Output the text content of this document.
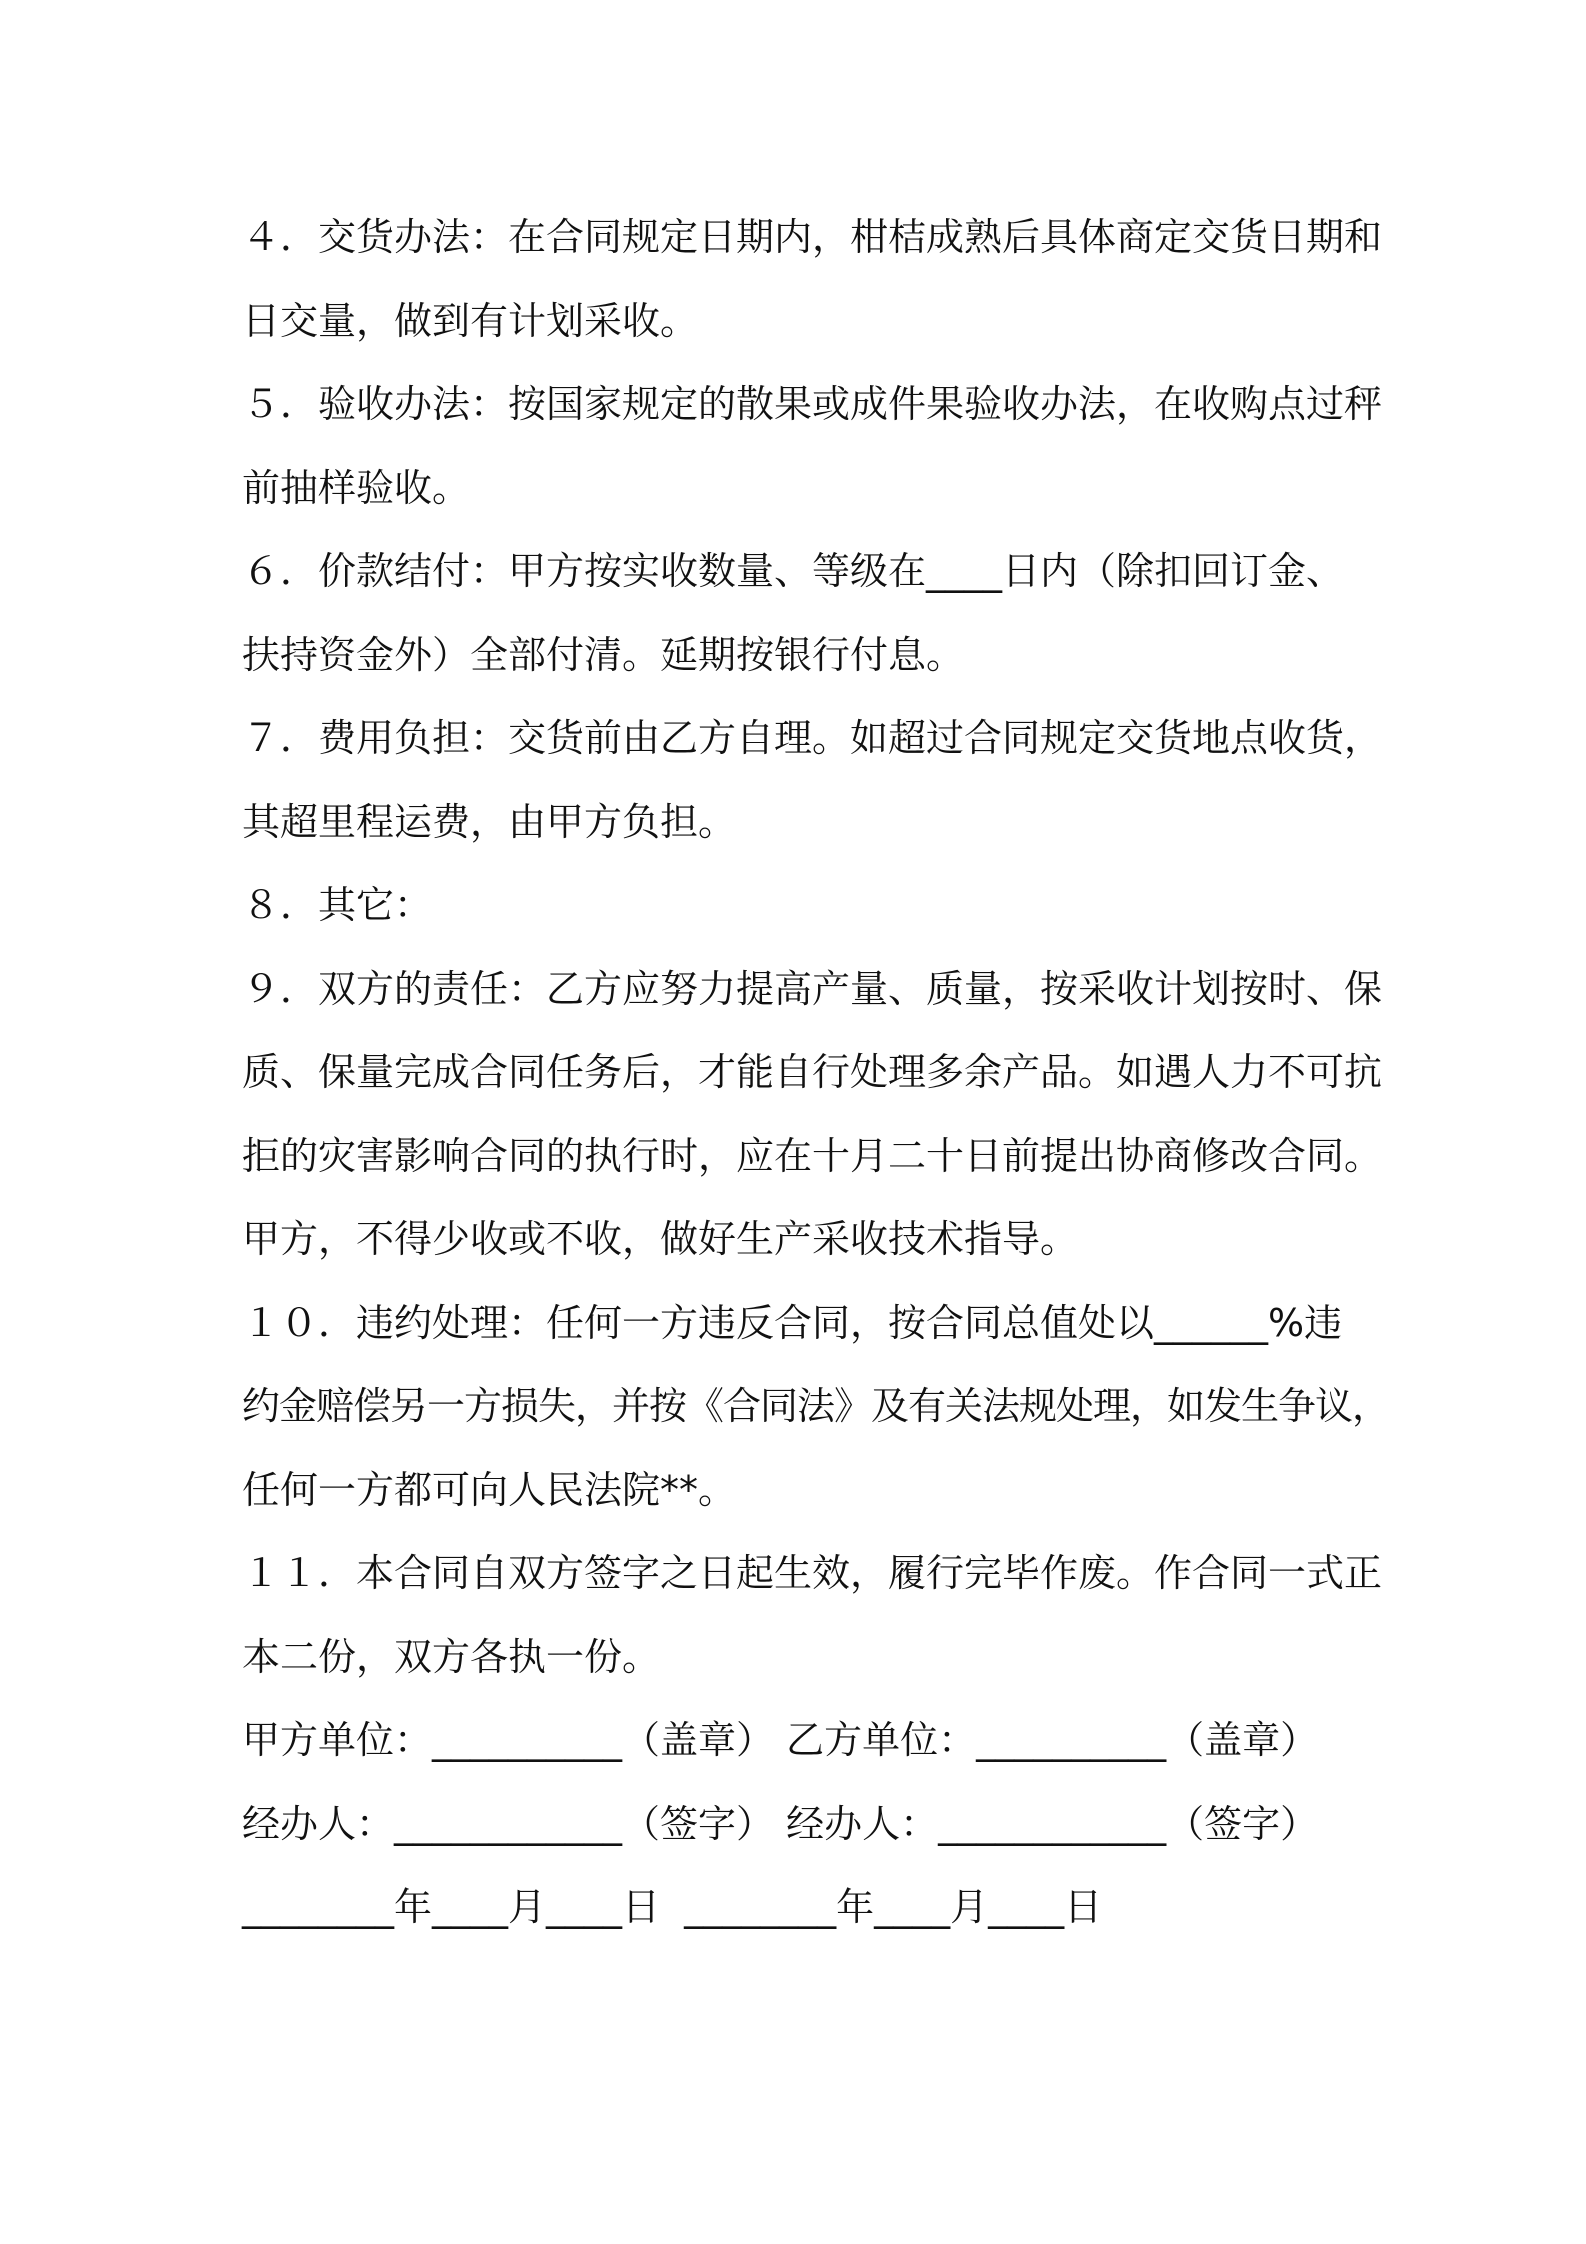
４．交货办法：在合同规定日期内，柑桔成熟后具体商定交货日期和
日交量，做到有计划采收。
５．验收办法：按国家规定的散果或成件果验收办法，在收购点过秤
前抽样验收。
６．价款结付：甲方按实收数量、等级在____日内（除扣回订金、
扶持资金外）全部付清。延期按银行付息。
７．费用负担：交货前由乙方自理。如超过合同规定交货地点收货，
其超里程运费，由甲方负担。
８．其它：
９．双方的责任：乙方应努力提高产量、质量，按采收计划按时、保
质、保量完成合同任务后，才能自行处理多余产品。如遇人力不可抗
拒的灾害影响合同的执行时，应在十月二十日前提出协商修改合同。
甲方，不得少收或不收，做好生产采收技术指导。
１０．违约处理：任何一方违反合同，按合同总值处以______%违
约金赔偿另一方损失，并按《合同法》及有关法规处理，如发生争议，
任何一方都可向人民法院**。
１１．本合同自双方签字之日起生效，履行完毕作废。作合同一式正
本二份，双方各执一份。
甲方单位：__________（盖章） 乙方单位：__________（盖章）
经办人：____________（签字） 经办人：____________（签字）
________年____月____日  ________年____月____日
